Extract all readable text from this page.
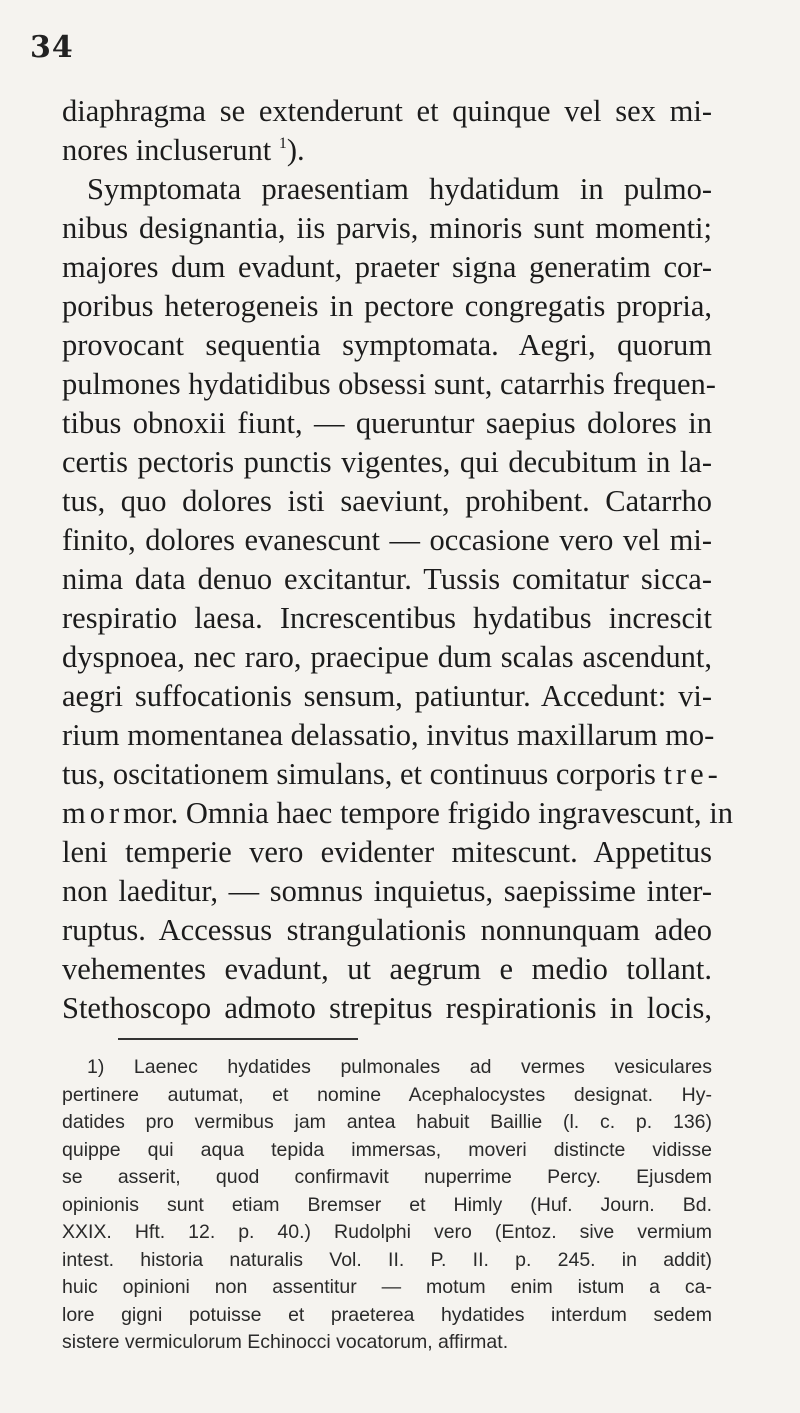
34
diaphragma se extenderunt et quinque vel sex mi-
nores incluserunt $^1$).
Symptomata praesentiam hydatidum in pulmo-
nibus designantia, iis parvis, minoris sunt momenti;
majores dum evadunt, praeter signa generatim cor-
poribus heterogeneis in pectore congregatis propria,
provocant sequentia symptomata. Aegri, quorum
pulmones hydatidibus obsessi sunt, catarrhis frequen-
tibus obnoxii fiunt, — queruntur saepius dolores in
certis pectoris punctis vigentes, qui decubitum in la-
tus, quo dolores isti saeviunt, prohibent. Catarrho
finito, dolores evanescunt — occasione vero vel mi-
nima data denuo excitantur. Tussis comitatur sicca-
respiratio laesa. Increscentibus hydatibus increscit
dyspnoea, nec raro, praecipue dum scalas ascendunt,
aegri suffocationis sensum, patiuntur. Accedunt: vi-
rium momentanea delassatio, invitus maxillarum mo-
tus, oscitationem simulans, et continuus corporis tre-
mormor. Omnia haec tempore frigido ingravescunt, in
leni temperie vero evidenter mitescunt. Appetitus
non laeditur, — somnus inquietus, saepissime inter-
ruptus. Accessus strangulationis nonnunquam adeo
vehementes evadunt, ut aegrum e medio tollant.
Stethoscopo admoto strepitus respirationis in locis,
1) Laenec hydatides pulmonales ad vermes vesiculares
pertinere autumat, et nomine Acephalocystes designat. Hy-
datides pro vermibus jam antea habuit Baillie (l. c. p. 136)
quippe qui aqua tepida immersas, moveri distincte vidisse
se asserit, quod confirmavit nuperrime Percy. Ejusdem
opinionis sunt etiam Bremser et Himly (Huf. Journ. Bd.
XXIX. Hft. 12. p. 40.) Rudolphi vero (Entoz. sive vermium
intest. historia naturalis Vol. II. P. II. p. 245. in addit)
huic opinioni non assentitur — motum enim istum a ca-
lore gigni potuisse et praeterea hydatides interdum sedem
sistere vermiculorum Echinocci vocatorum, affirmat.
